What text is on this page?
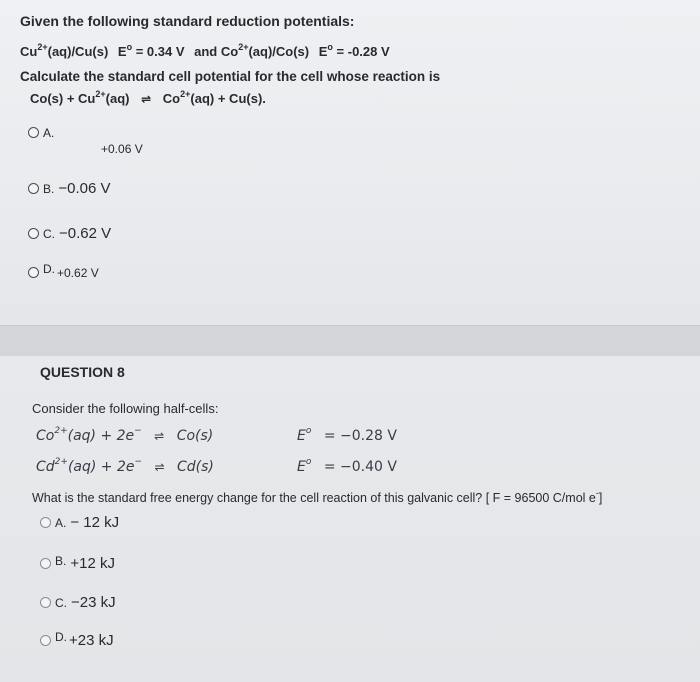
Given the following standard reduction potentials:
$Cu^{2+}(aq)/Cu(s) E^o = 0.34$ V and $Co^{2+}(aq)/Co(s) E^o = -0.28$ V
Calculate the standard cell potential for the cell whose reaction is
$Co(s) + Cu^{2+}(aq)$ ⇌ $Co^{2+}(aq) + Cu(s)$.
A.
+0.06 V
B. −0.06 V
C. −0.62 V
$^{D.}$ +0.62 V
QUESTION 8
Consider the following half-cells:
$Co^{2+}(aq) + 2e^-$ ⇌ Co(s)	$E^o = -0.28$ V
$Cd^{2+}(aq) + 2e^-$ ⇌ Cd(s)	$E^o = -0.40$ V
What is the standard free energy change for the cell reaction of this galvanic cell? [ F = 96500 C/mol e-]
A. − 12 kJ
B. +12 kJ
C. −23 kJ
$^{D.}$ +23 kJ
